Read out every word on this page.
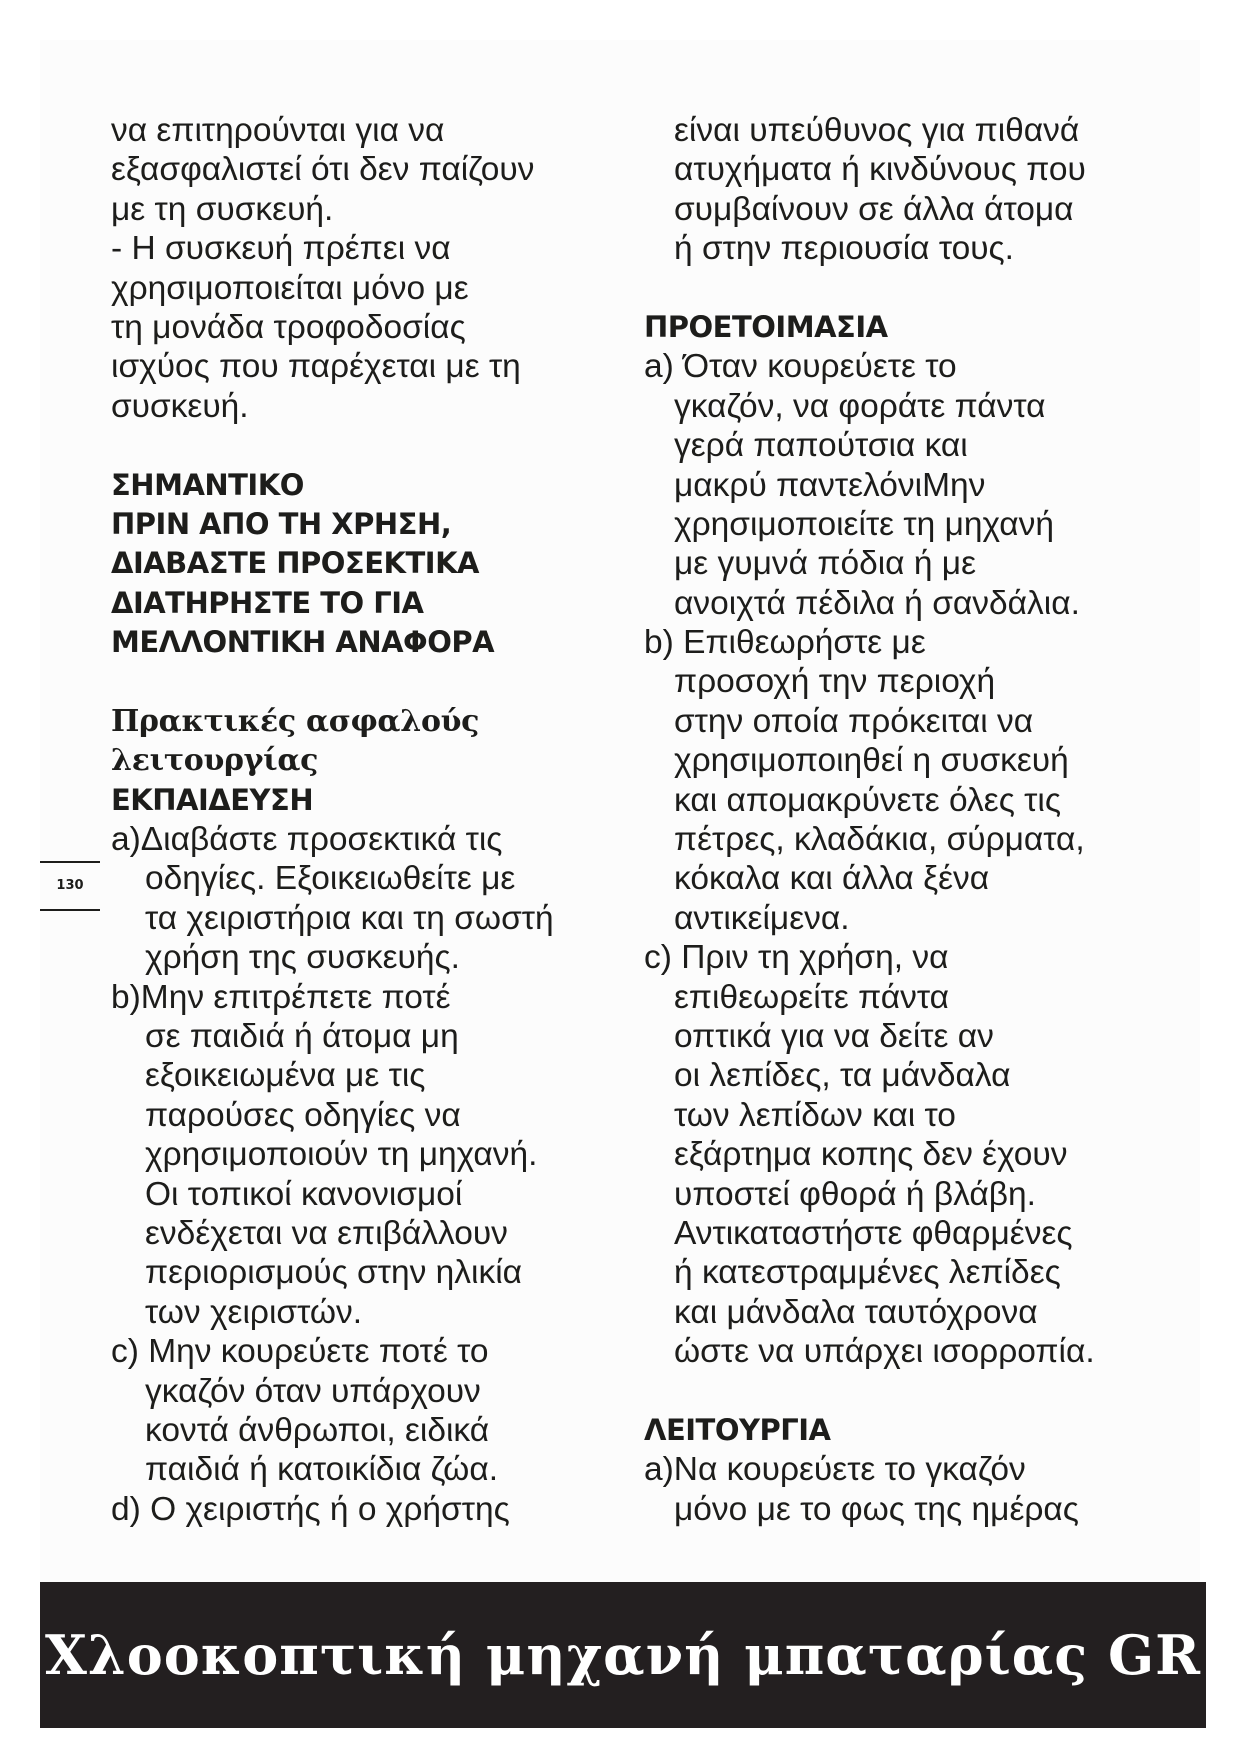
να επιτηρούνται για να
εξασφαλιστεί ότι δεν παίζουν
με τη συσκευή.
- Η συσκευή πρέπει να
χρησιμοποιείται μόνο με
τη μονάδα τροφοδοσίας
ισχύος που παρέχεται με τη
συσκευή.
ΣΗΜΑΝΤΙΚΟ
ΠΡΙΝ ΑΠΟ ΤΗ ΧΡΗΣΗ,
ΔΙΑΒΑΣΤΕ ΠΡΟΣΕΚΤΙΚΑ
ΔΙΑΤΗΡΗΣΤΕ ΤΟ ΓΙΑ
ΜΕΛΛΟΝΤΙΚΗ ΑΝΑΦΟΡΑ
Πρακτικές ασφαλούς
λειτουργίας
ΕΚΠΑΙΔΕΥΣΗ
a)Διαβάστε προσεκτικά τις
οδηγίες. Εξοικειωθείτε με
τα χειριστήρια και τη σωστή
χρήση της συσκευής.
b)Μην επιτρέπετε ποτέ
σε παιδιά ή άτομα μη
εξοικειωμένα με τις
παρούσες οδηγίες να
χρησιμοποιούν τη μηχανή.
Οι τοπικοί κανονισμοί
ενδέχεται να επιβάλλουν
περιορισμούς στην ηλικία
των χειριστών.
c) Μην κουρεύετε ποτέ το
γκαζόν όταν υπάρχουν
κοντά άνθρωποι, ειδικά
παιδιά ή κατοικίδια ζώα.
d) Ο χειριστής ή ο χρήστης
είναι υπεύθυνος για πιθανά
ατυχήματα ή κινδύνους που
συμβαίνουν σε άλλα άτομα
ή στην περιουσία τους.
ΠΡΟΕΤΟΙΜΑΣΙΑ
a) Όταν κουρεύετε το
γκαζόν, να φοράτε πάντα
γερά παπούτσια και
μακρύ παντελόνιΜην
χρησιμοποιείτε τη μηχανή
με γυμνά πόδια ή με
ανοιχτά πέδιλα ή σανδάλια.
b) Επιθεωρήστε με
προσοχή την περιοχή
στην οποία πρόκειται να
χρησιμοποιηθεί η συσκευή
και απομακρύνετε όλες τις
πέτρες, κλαδάκια, σύρματα,
κόκαλα και άλλα ξένα
αντικείμενα.
c) Πριν τη χρήση, να
επιθεωρείτε πάντα
οπτικά για να δείτε αν
οι λεπίδες, τα μάνδαλα
των λεπίδων και το
εξάρτημα κοπης δεν έχουν
υποστεί φθορά ή βλάβη.
Αντικαταστήστε φθαρμένες
ή κατεστραμμένες λεπίδες
και μάνδαλα ταυτόχρονα
ώστε να υπάρχει ισορροπία.
ΛΕΙΤΟΥΡΓΙΑ
a)Να κουρεύετε το γκαζόν
μόνο με το φως της ημέρας
130
Χλοοκοπτική μηχανή μπαταρίας GR
